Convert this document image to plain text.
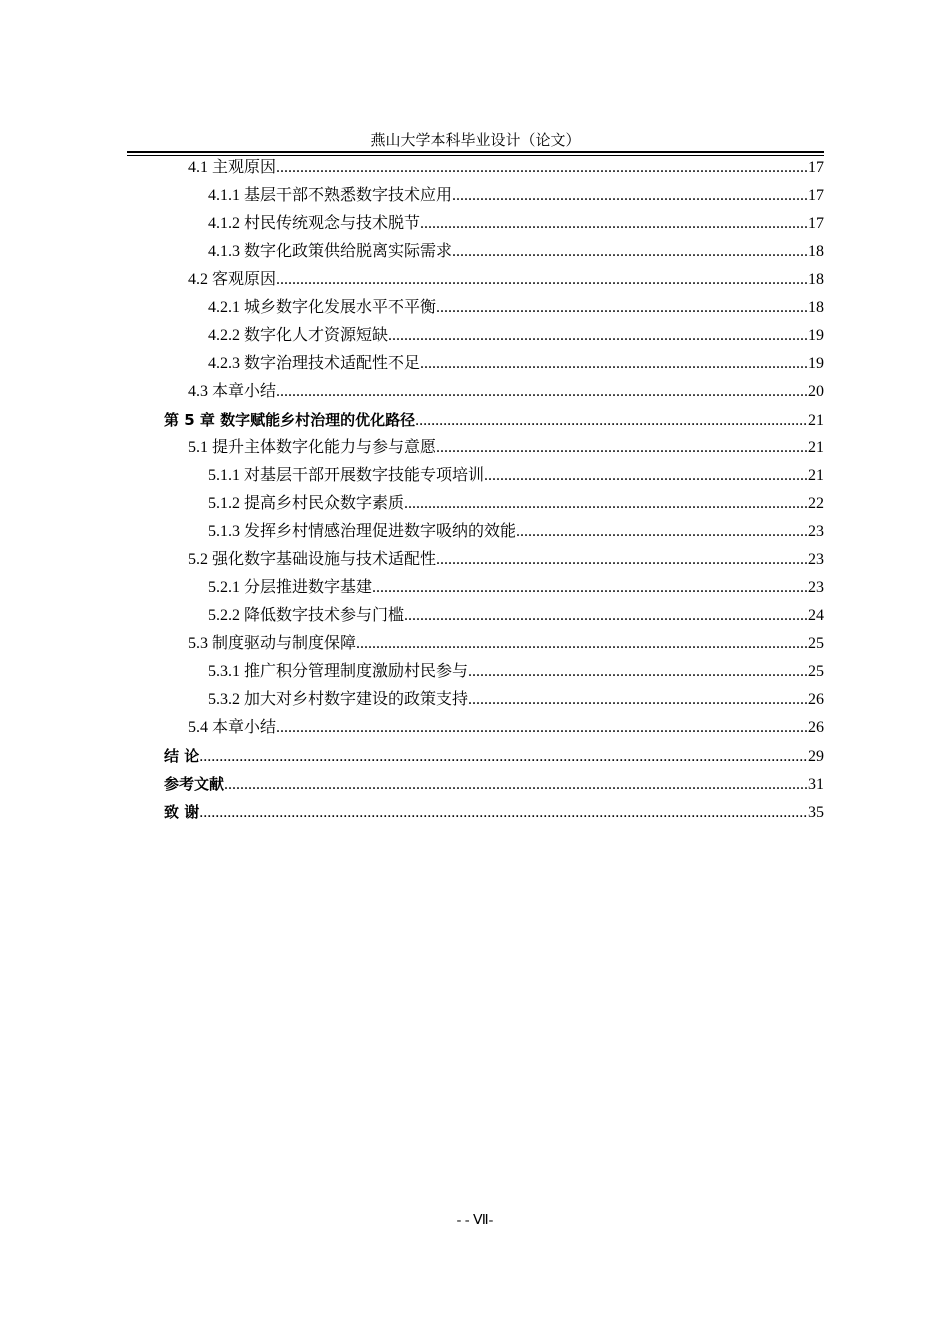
燕山大学本科毕业设计（论文）
4.1 主观原因 .....	17
4.1.1 基层干部不熟悉数字技术应用 .....	17
4.1.2 村民传统观念与技术脱节 .....	17
4.1.3 数字化政策供给脱离实际需求 .....	18
4.2 客观原因 .....	18
4.2.1 城乡数字化发展水平不平衡 .....	18
4.2.2 数字化人才资源短缺 .....	19
4.2.3 数字治理技术适配性不足 .....	19
4.3 本章小结 .....	20
第 5 章 数字赋能乡村治理的优化路径 .....	21
5.1 提升主体数字化能力与参与意愿 .....	21
5.1.1 对基层干部开展数字技能专项培训 .....	21
5.1.2 提高乡村民众数字素质 .....	22
5.1.3 发挥乡村情感治理促进数字吸纳的效能 .....	23
5.2 强化数字基础设施与技术适配性 .....	23
5.2.1 分层推进数字基建 .....	23
5.2.2 降低数字技术参与门槛 .....	24
5.3 制度驱动与制度保障 .....	25
5.3.1 推广积分管理制度激励村民参与 .....	25
5.3.2 加大对乡村数字建设的政策支持 .....	26
5.4 本章小结 .....	26
结 论 .....	29
参考文献 .....	31
致 谢 .....	35
- - Ⅶ-
